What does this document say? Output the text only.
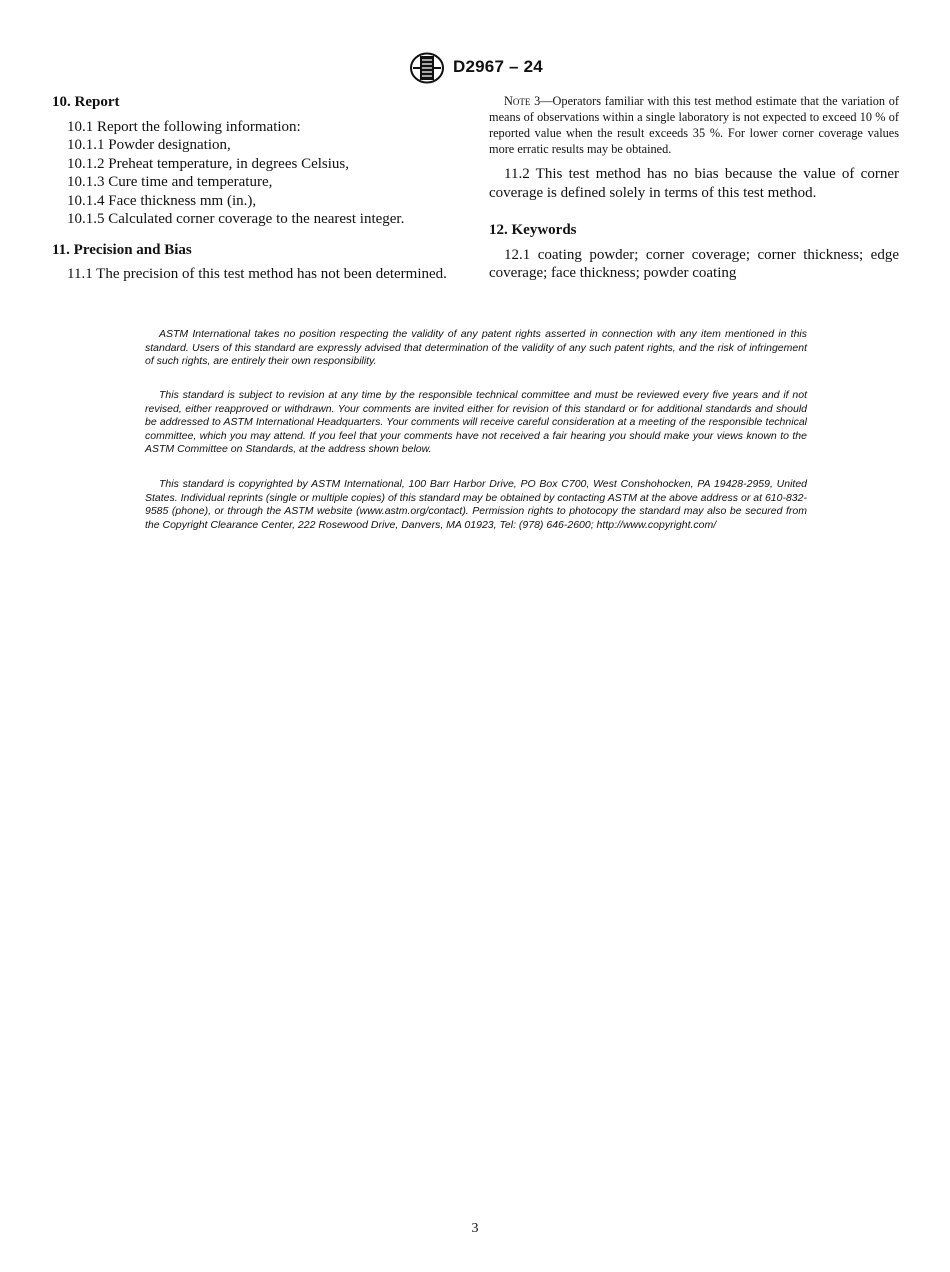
D2967 – 24
10. Report

10.1 Report the following information:

10.1.1 Powder designation,

10.1.2 Preheat temperature, in degrees Celsius,

10.1.3 Cure time and temperature,

10.1.4 Face thickness mm (in.),

10.1.5 Calculated corner coverage to the nearest integer.

11. Precision and Bias

11.1 The precision of this test method has not been determined.

Note 3—Operators familiar with this test method estimate that the variation of means of observations within a single laboratory is not expected to exceed 10 % of reported value when the result exceeds 35 %. For lower corner coverage values more erratic results may be obtained.

11.2 This test method has no bias because the value of corner coverage is defined solely in terms of this test method.

12. Keywords

12.1 coating powder; corner coverage; corner thickness; edge coverage; face thickness; powder coating

ASTM International takes no position respecting the validity of any patent rights asserted in connection with any item mentioned in this standard. Users of this standard are expressly advised that determination of the validity of any such patent rights, and the risk of infringement of such rights, are entirely their own responsibility.

This standard is subject to revision at any time by the responsible technical committee and must be reviewed every five years and if not revised, either reapproved or withdrawn. Your comments are invited either for revision of this standard or for additional standards and should be addressed to ASTM International Headquarters. Your comments will receive careful consideration at a meeting of the responsible technical committee, which you may attend. If you feel that your comments have not received a fair hearing you should make your views known to the ASTM Committee on Standards, at the address shown below.

This standard is copyrighted by ASTM International, 100 Barr Harbor Drive, PO Box C700, West Conshohocken, PA 19428-2959, United States. Individual reprints (single or multiple copies) of this standard may be obtained by contacting ASTM at the above address or at 610-832-9585 (phone), or through the ASTM website (www.astm.org/contact). Permission rights to photocopy the standard may also be secured from the Copyright Clearance Center, 222 Rosewood Drive, Danvers, MA 01923, Tel: (978) 646-2600; http://www.copyright.com/

3
